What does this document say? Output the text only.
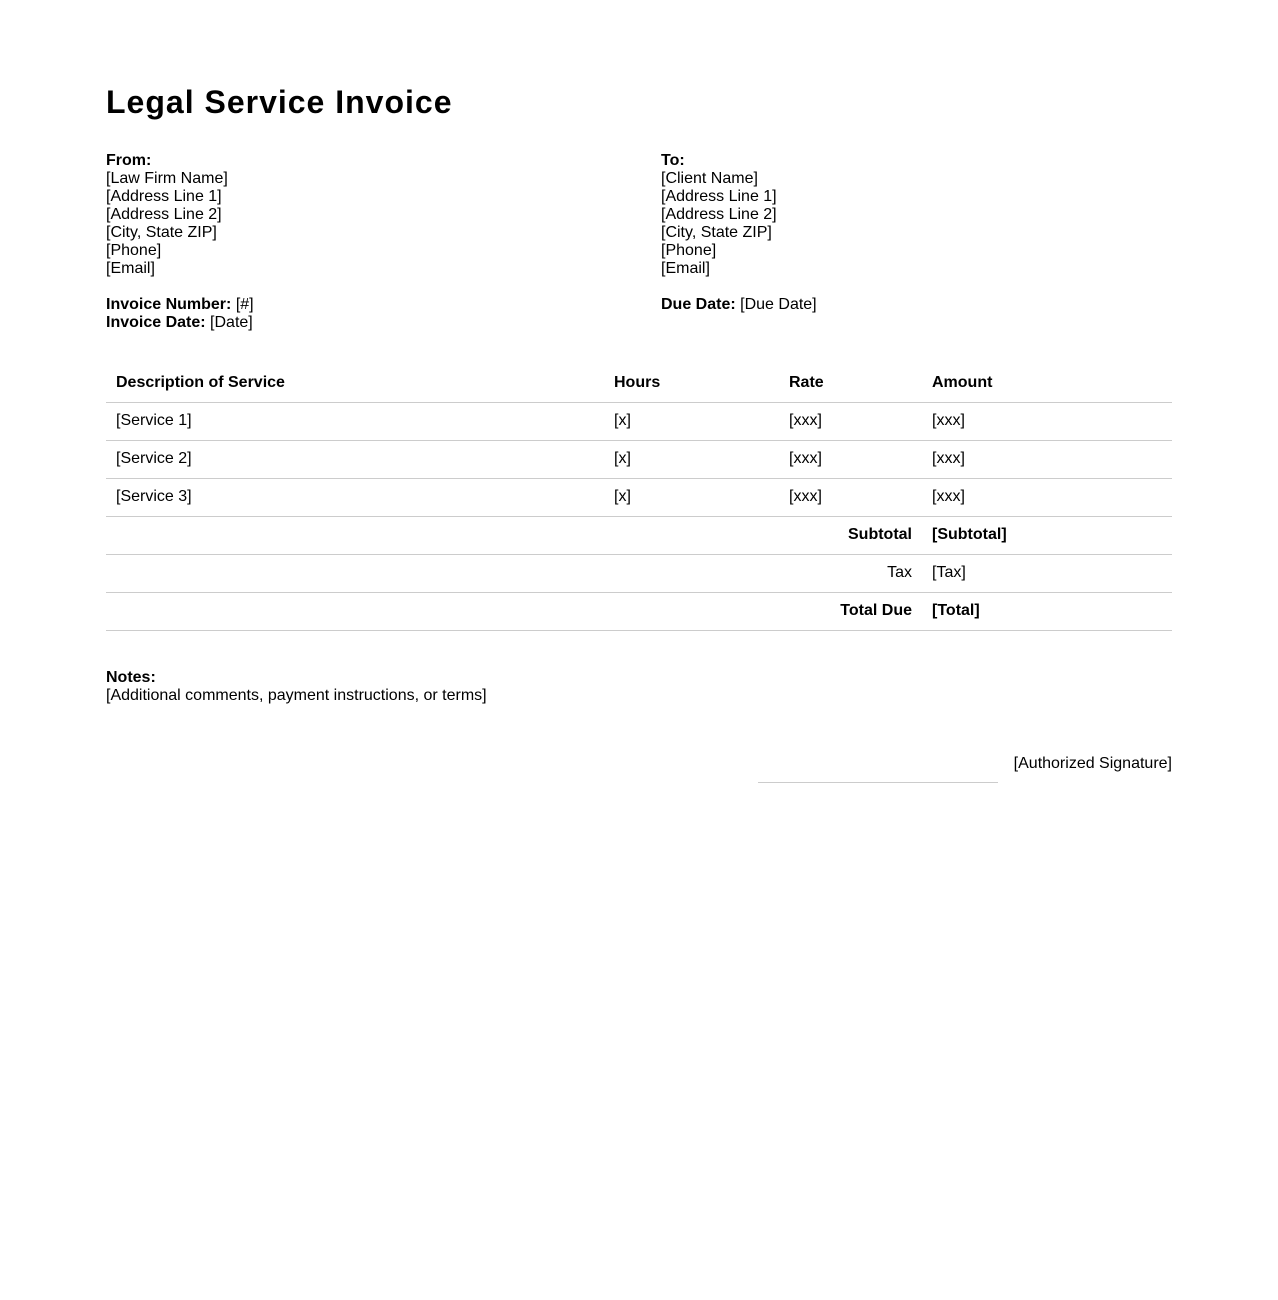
Legal Service Invoice
From:
[Law Firm Name]
[Address Line 1]
[Address Line 2]
[City, State ZIP]
[Phone]
[Email]
To:
[Client Name]
[Address Line 1]
[Address Line 2]
[City, State ZIP]
[Phone]
[Email]
Invoice Number: [#]
Invoice Date: [Date]
Due Date: [Due Date]
Description of Service	Hours	Rate	Amount
[Service 1]	[x]	[xxx]	[xxx]
[Service 2]	[x]	[xxx]	[xxx]
[Service 3]	[x]	[xxx]	[xxx]
Subtotal			[Subtotal]
Tax			[Tax]
Total Due			[Total]
Notes:
[Additional comments, payment instructions, or terms]
[Authorized Signature]
